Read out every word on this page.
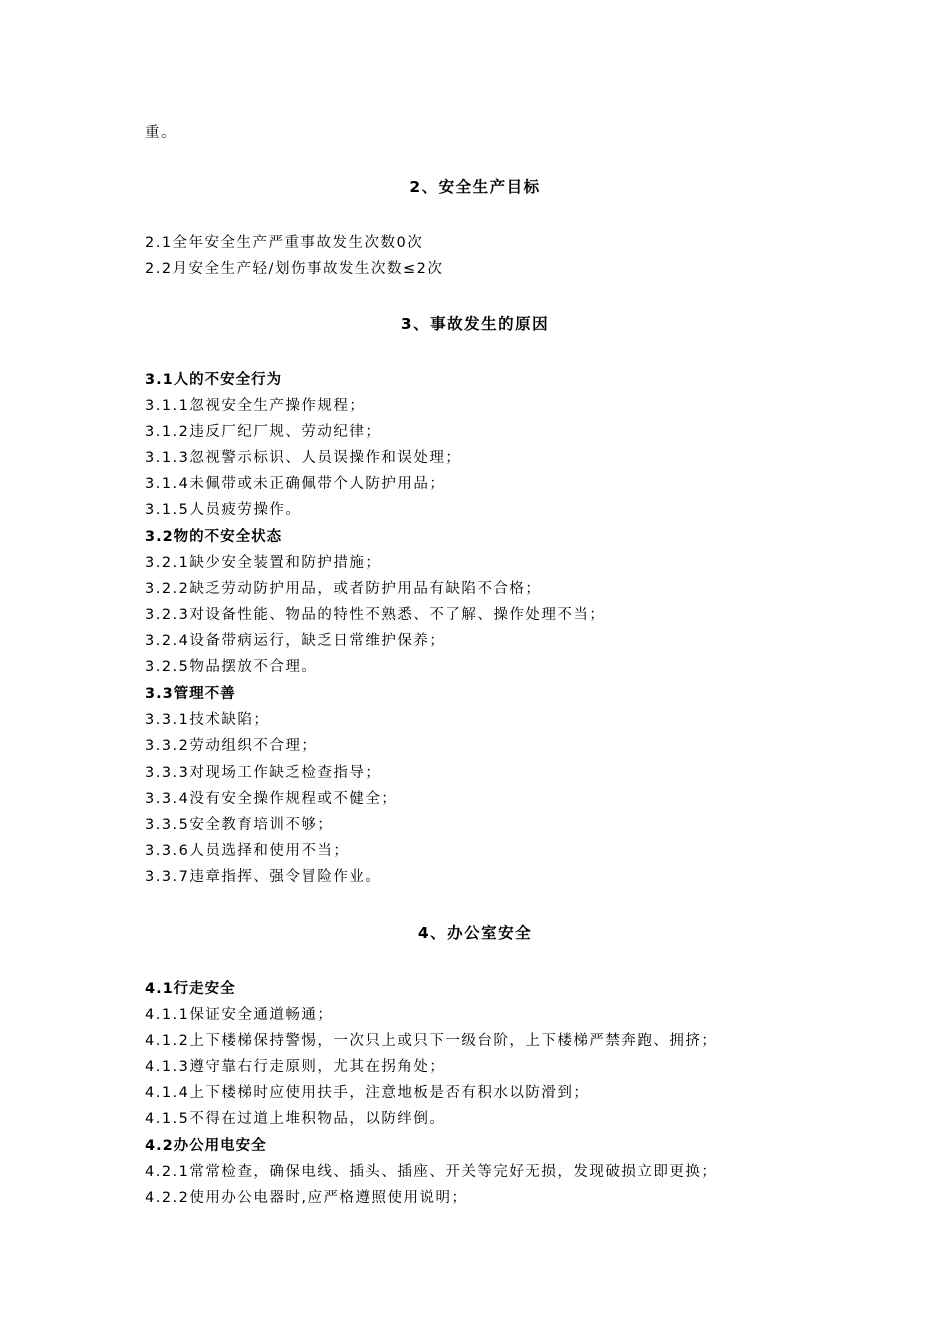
重。
2、安全生产目标
2.1全年安全生产严重事故发生次数0次
2.2月安全生产轻/划伤事故发生次数≤2次
3、事故发生的原因
3.1人的不安全行为
3.1.1忽视安全生产操作规程；
3.1.2违反厂纪厂规、劳动纪律；
3.1.3忽视警示标识、人员误操作和误处理；
3.1.4未佩带或未正确佩带个人防护用品；
3.1.5人员疲劳操作。
3.2物的不安全状态
3.2.1缺少安全装置和防护措施；
3.2.2缺乏劳动防护用品，或者防护用品有缺陷不合格；
3.2.3对设备性能、物品的特性不熟悉、不了解、操作处理不当；
3.2.4设备带病运行，缺乏日常维护保养；
3.2.5物品摆放不合理。
3.3管理不善
3.3.1技术缺陷；
3.3.2劳动组织不合理；
3.3.3对现场工作缺乏检查指导；
3.3.4没有安全操作规程或不健全；
3.3.5安全教育培训不够；
3.3.6人员选择和使用不当；
3.3.7违章指挥、强令冒险作业。
4、办公室安全
4.1行走安全
4.1.1保证安全通道畅通；
4.1.2上下楼梯保持警惕，一次只上或只下一级台阶，上下楼梯严禁奔跑、拥挤；
4.1.3遵守靠右行走原则，尤其在拐角处；
4.1.4上下楼梯时应使用扶手，注意地板是否有积水以防滑到；
4.1.5不得在过道上堆积物品，以防绊倒。
4.2办公用电安全
4.2.1常常检查，确保电线、插头、插座、开关等完好无损，发现破损立即更换；
4.2.2使用办公电器时,应严格遵照使用说明；
